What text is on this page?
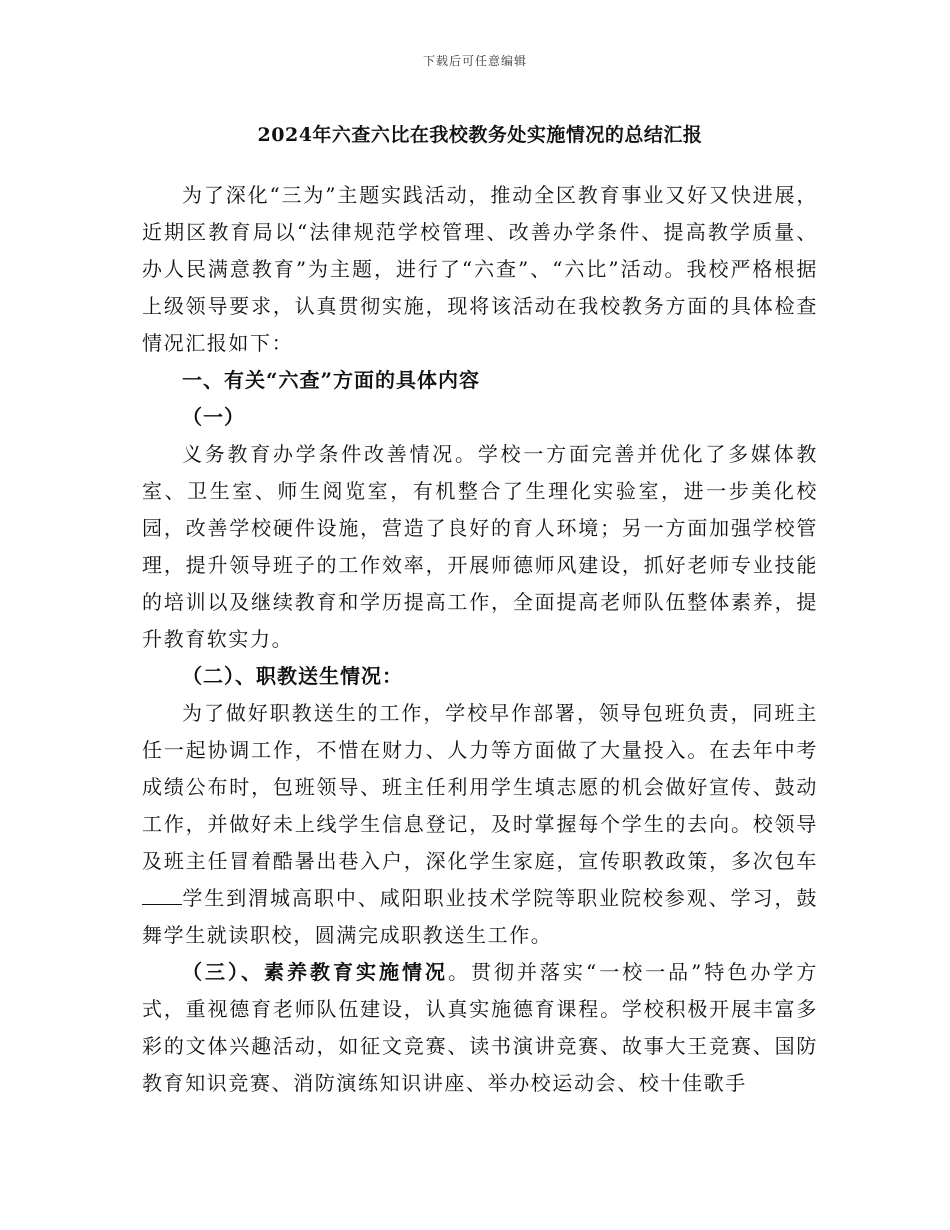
下载后可任意编辑
2024年六查六比在我校教务处实施情况的总结汇报

为了深化“三为”主题实践活动，推动全区教育事业又好又快进展，近期区教育局以“法律规范学校管理、改善办学条件、提高教学质量、办人民满意教育”为主题，进行了“六查”、“六比”活动。我校严格根据上级领导要求，认真贯彻实施，现将该活动在我校教务方面的具体检查情况汇报如下：

一、有关“六查”方面的具体内容

（一）

义务教育办学条件改善情况。学校一方面完善并优化了多媒体教室、卫生室、师生阅览室，有机整合了生理化实验室，进一步美化校园，改善学校硬件设施，营造了良好的育人环境；另一方面加强学校管理，提升领导班子的工作效率，开展师德师风建设，抓好老师专业技能的培训以及继续教育和学历提高工作，全面提高老师队伍整体素养，提升教育软实力。

（二）、职教送生情况：

为了做好职教送生的工作，学校早作部署，领导包班负责，同班主任一起协调工作，不惜在财力、人力等方面做了大量投入。在去年中考成绩公布时，包班领导、班主任利用学生填志愿的机会做好宣传、鼓动工作，并做好未上线学生信息登记，及时掌握每个学生的去向。校领导及班主任冒着酷暑出巷入户，深化学生家庭，宣传职教政策，多次包车学生到渭城高职中、咸阳职业技术学院等职业院校参观、学习，鼓舞学生就读职校，圆满完成职教送生工作。

（三）、素养教育实施情况。贯彻并落实“一校一品”特色办学方式，重视德育老师队伍建设，认真实施德育课程。学校积极开展丰富多彩的文体兴趣活动，如征文竞赛、读书演讲竞赛、故事大王竞赛、国防教育知识竞赛、消防演练知识讲座、举办校运动会、校十佳歌手
